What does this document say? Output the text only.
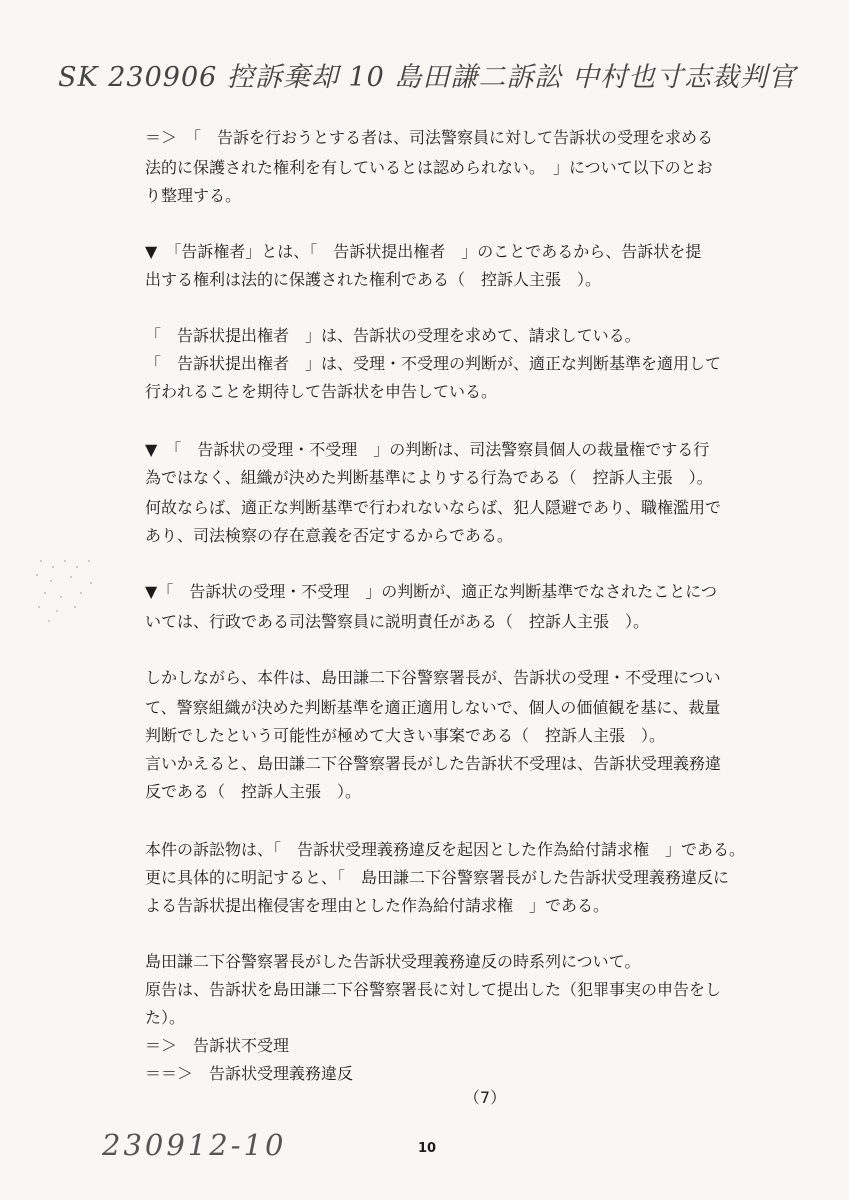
SK 230906 控訴棄却 10 島田謙二訴訟 中村也寸志裁判官
＝＞　「　告訴を行おうとする者は、司法警察員に対して告訴状の受理を求める
法的に保護された権利を有しているとは認められない。　」について以下のとお
り整理する。
▼　「告訴権者」とは、「　告訴状提出権者　」のことであるから、告訴状を提
出する権利は法的に保護された権利である（　控訴人主張　）。
「　告訴状提出権者　」は、告訴状の受理を求めて、請求している。
「　告訴状提出権者　」は、受理・不受理の判断が、適正な判断基準を適用して
行われることを期待して告訴状を申告している。
▼　「　告訴状の受理・不受理　」の判断は、司法警察員個人の裁量権でする行
為ではなく、組織が決めた判断基準によりする行為である（　控訴人主張　）。
何故ならば、適正な判断基準で行われないならば、犯人隠避であり、職権濫用で
あり、司法検察の存在意義を否定するからである。
▼「　告訴状の受理・不受理　」の判断が、適正な判断基準でなされたことにつ
いては、行政である司法警察員に説明責任がある（　控訴人主張　）。
しかしながら、本件は、島田謙二下谷警察署長が、告訴状の受理・不受理につい
て、警察組織が決めた判断基準を適正適用しないで、個人の価値観を基に、裁量
判断でしたという可能性が極めて大きい事案である（　控訴人主張　）。
言いかえると、島田謙二下谷警察署長がした告訴状不受理は、告訴状受理義務違
反である（　控訴人主張　）。
本件の訴訟物は、「　告訴状受理義務違反を起因とした作為給付請求権　」である。
更に具体的に明記すると、「　島田謙二下谷警察署長がした告訴状受理義務違反に
よる告訴状提出権侵害を理由とした作為給付請求権　」である。
島田謙二下谷警察署長がした告訴状受理義務違反の時系列について。
原告は、告訴状を島田謙二下谷警察署長に対して提出した（犯罪事実の申告をし
た）。
＝＞　告訴状不受理
＝＝＞　告訴状受理義務違反
（7）
10
230912-10
